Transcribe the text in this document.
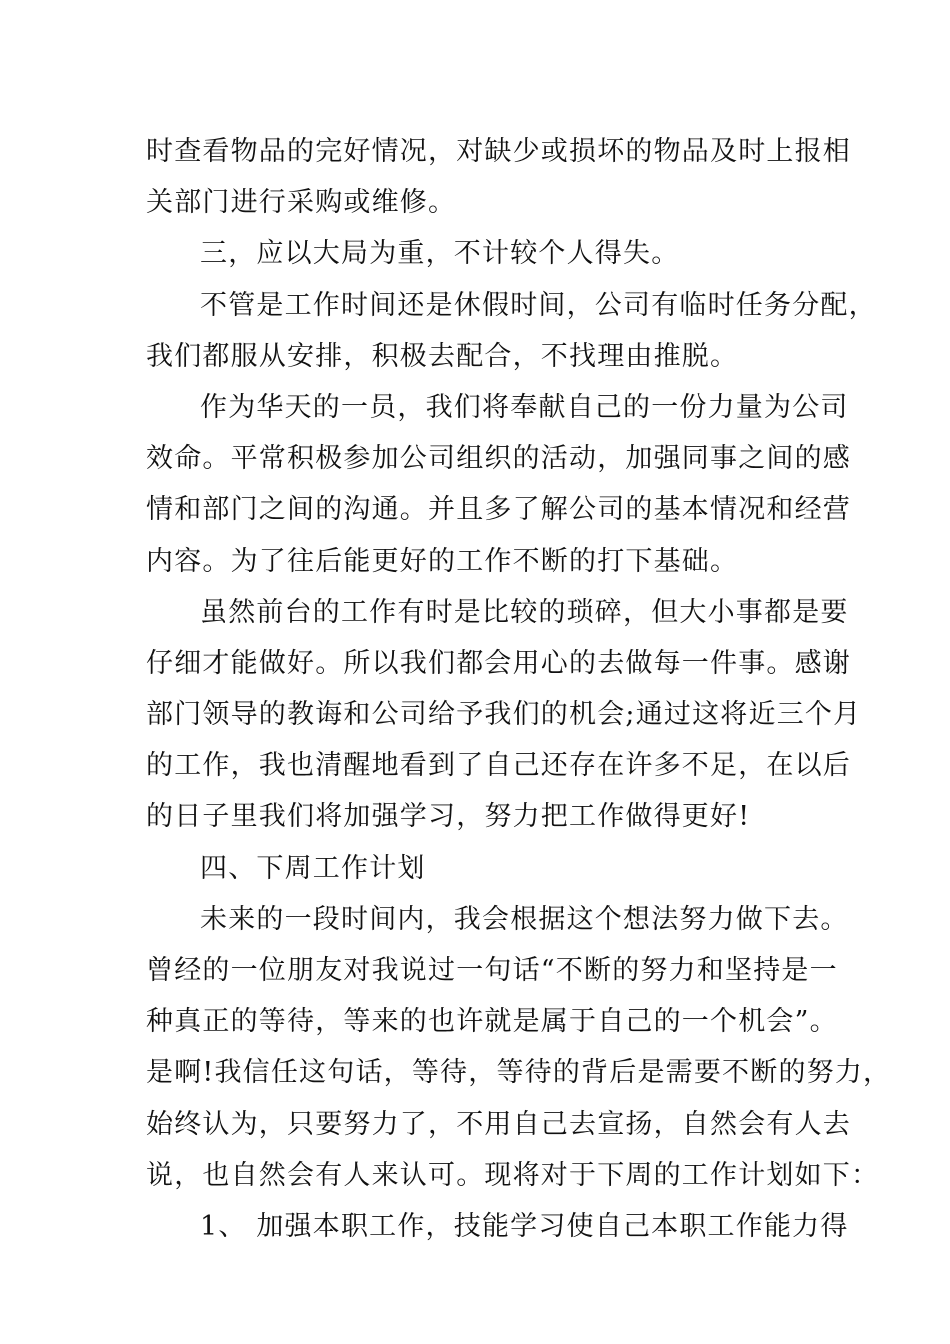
时查看物品的完好情况，对缺少或损坏的物品及时上报相
关部门进行采购或维修。
三，应以大局为重，不计较个人得失。
不管是工作时间还是休假时间，公司有临时任务分配，
我们都服从安排，积极去配合，不找理由推脱。
作为华天的一员，我们将奉献自己的一份力量为公司
效命。平常积极参加公司组织的活动，加强同事之间的感
情和部门之间的沟通。并且多了解公司的基本情况和经营
内容。为了往后能更好的工作不断的打下基础。
虽然前台的工作有时是比较的琐碎，但大小事都是要
仔细才能做好。所以我们都会用心的去做每一件事。感谢
部门领导的教诲和公司给予我们的机会;通过这将近三个月
的工作，我也清醒地看到了自己还存在许多不足，在以后
的日子里我们将加强学习，努力把工作做得更好!
四、下周工作计划
未来的一段时间内，我会根据这个想法努力做下去。
曾经的一位朋友对我说过一句话“不断的努力和坚持是一
种真正的等待，等来的也许就是属于自己的一个机会”。
是啊!我信任这句话，等待，等待的背后是需要不断的努力，
始终认为，只要努力了，不用自己去宣扬，自然会有人去
说，也自然会有人来认可。现将对于下周的工作计划如下：
1、 加强本职工作，技能学习使自己本职工作能力得
